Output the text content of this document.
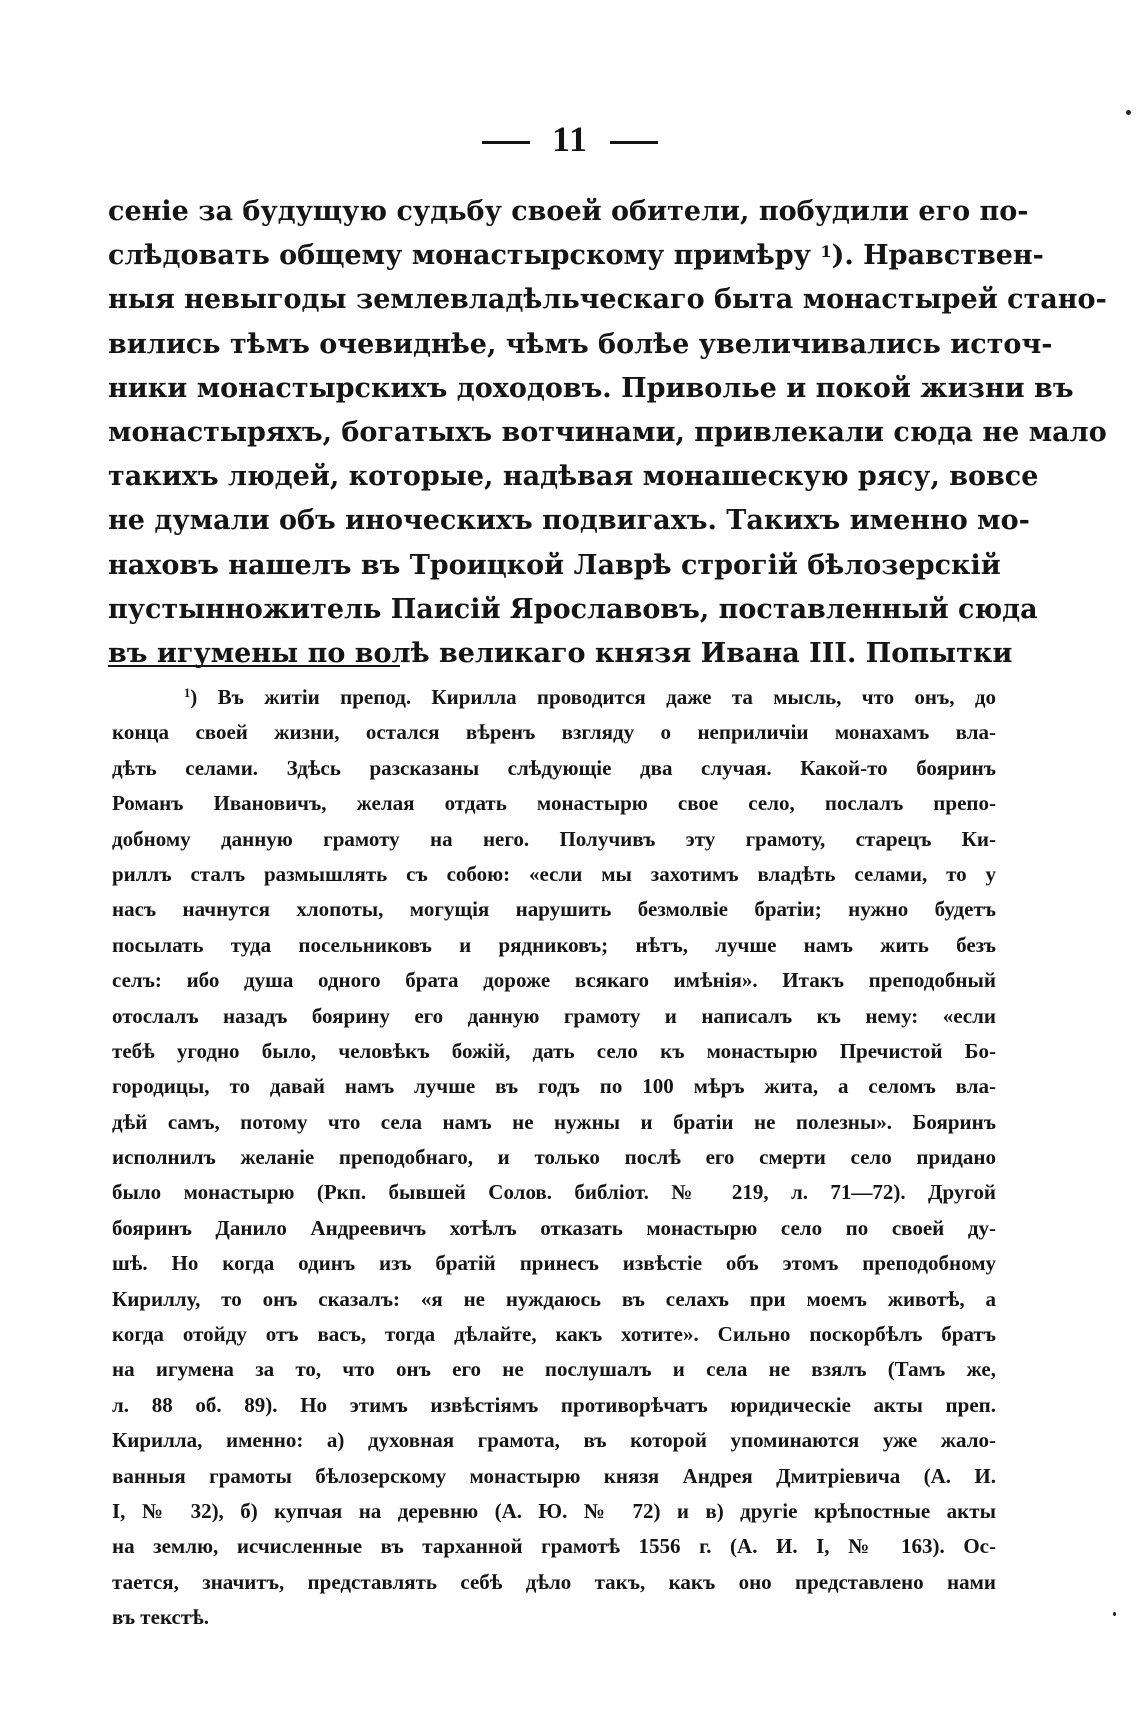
11
сеніе за будущую судьбу своей обители, побудили его по-
слѣдовать общему монастырскому примѣру $^1$). Нравствен-
ныя невыгоды землевладѣльческаго быта монастырей стано-
вились тѣмъ очевиднѣе, чѣмъ болѣе увеличивались источ-
ники монастырскихъ доходовъ. Приволье и покой жизни въ
монастыряхъ, богатыхъ вотчинами, привлекали сюда не мало
такихъ людей, которые, надѣвая монашескую рясу, вовсе
не думали объ иноческихъ подвигахъ. Такихъ именно мо-
наховъ нашелъ въ Троицкой Лаврѣ строгій бѣлозерскій
пустынножитель Паисій Ярославовъ, поставленный сюда
въ игумены по волѣ великаго князя Ивана III. Попытки
$^1$) Въ житіи препод. Кирилла проводится даже та мысль, что онъ, до
конца своей жизни, остался вѣренъ взгляду о неприличіи монахамъ вла-
дѣть селами. Здѣсь разсказаны слѣдующіе два случая. Какой-то бояринъ
Романъ Ивановичъ, желая отдать монастырю свое село, послалъ препо-
добному данную грамоту на него. Получивъ эту грамоту, старецъ Ки-
риллъ сталъ размышлять съ собою: «если мы захотимъ владѣть селами, то у
насъ начнутся хлопоты, могущія нарушить безмолвіе братіи; нужно будетъ
посылать туда посельниковъ и рядниковъ; нѣтъ, лучше намъ жить безъ
селъ: ибо душа одного брата дороже всякаго имѣнія». Итакъ преподобный
отослалъ назадъ боярину его данную грамоту и написалъ къ нему: «если
тебѣ угодно было, человѣкъ божій, дать село къ монастырю Пречистой Бо-
городицы, то давай намъ лучше въ годъ по 100 мѣръ жита, а селомъ вла-
дѣй самъ, потому что села намъ не нужны и братіи не полезны». Бояринъ
исполнилъ желаніе преподобнаго, и только послѣ его смерти село придано
было монастырю (Ркп. бывшей Солов. библіот. № 219, л. 71—72). Другой
бояринъ Данило Андреевичъ хотѣлъ отказать монастырю село по своей ду-
шѣ. Но когда одинъ изъ братій принесъ извѣстіе объ этомъ преподобному
Кириллу, то онъ сказалъ: «я не нуждаюсь въ селахъ при моемъ животѣ, а
когда отойду отъ васъ, тогда дѣлайте, какъ хотите». Сильно поскорбѣлъ братъ
на игумена за то, что онъ его не послушалъ и села не взялъ (Тамъ же,
л. 88 об. 89). Но этимъ извѣстіямъ противорѣчатъ юридическіе акты преп.
Кирилла, именно: а) духовная грамота, въ которой упоминаются уже жало-
ванныя грамоты бѣлозерскому монастырю князя Андрея Дмитріевича (А. И.
I, № 32), б) купчая на деревню (А. Ю. № 72) и в) другіе крѣпостные акты
на землю, исчисленные въ тарханной грамотѣ 1556 г. (А. И. I, № 163). Ос-
тается, значитъ, представлять себѣ дѣло такъ, какъ оно представлено нами
въ текстѣ.
